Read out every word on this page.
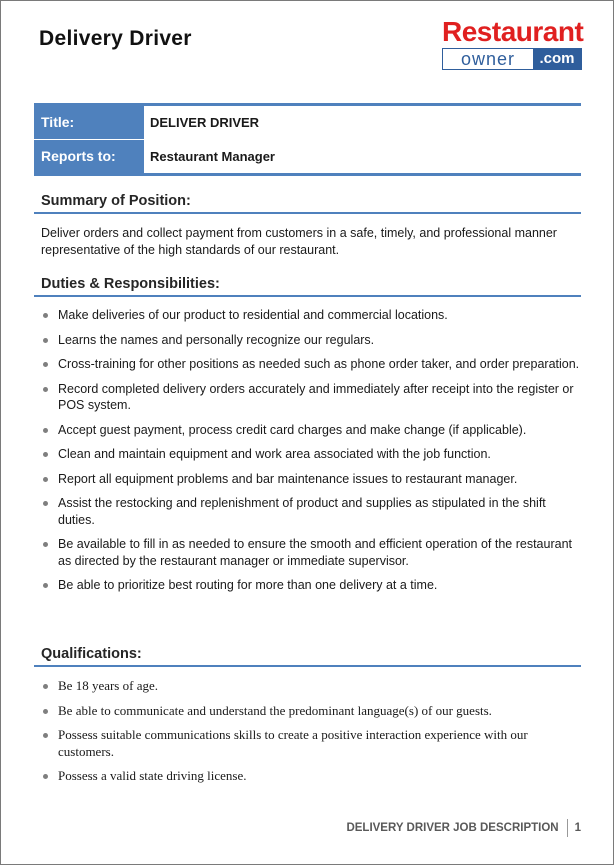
Delivery Driver	Restaurant
owner	.com
Title:	DELIVER DRIVER
Reports to:	Restaurant Manager
Summary of Position:
Deliver orders and collect payment from customers in a safe, timely, and professional manner representative of the high standards of our restaurant.
Duties & Responsibilities:
Make deliveries of our product to residential and commercial locations.
Learns the names and personally recognize our regulars.
Cross-training for other positions as needed such as phone order taker, and order preparation.
Record completed delivery orders accurately and immediately after receipt into the register or POS system.
Accept guest payment, process credit card charges and make change (if applicable).
Clean and maintain equipment and work area associated with the job function.
Report all equipment problems and bar maintenance issues to restaurant manager.
Assist the restocking and replenishment of product and supplies as stipulated in the shift duties.
Be available to fill in as needed to ensure the smooth and efficient operation of the restaurant as directed by the restaurant manager or immediate supervisor.
Be able to prioritize best routing for more than one delivery at a time.
Qualifications:
Be 18 years of age.
Be able to communicate and understand the predominant language(s) of our guests.
Possess suitable communications skills to create a positive interaction experience with our customers.
Possess a valid state driving license.
DELIVERY DRIVER JOB DESCRIPTION 1
